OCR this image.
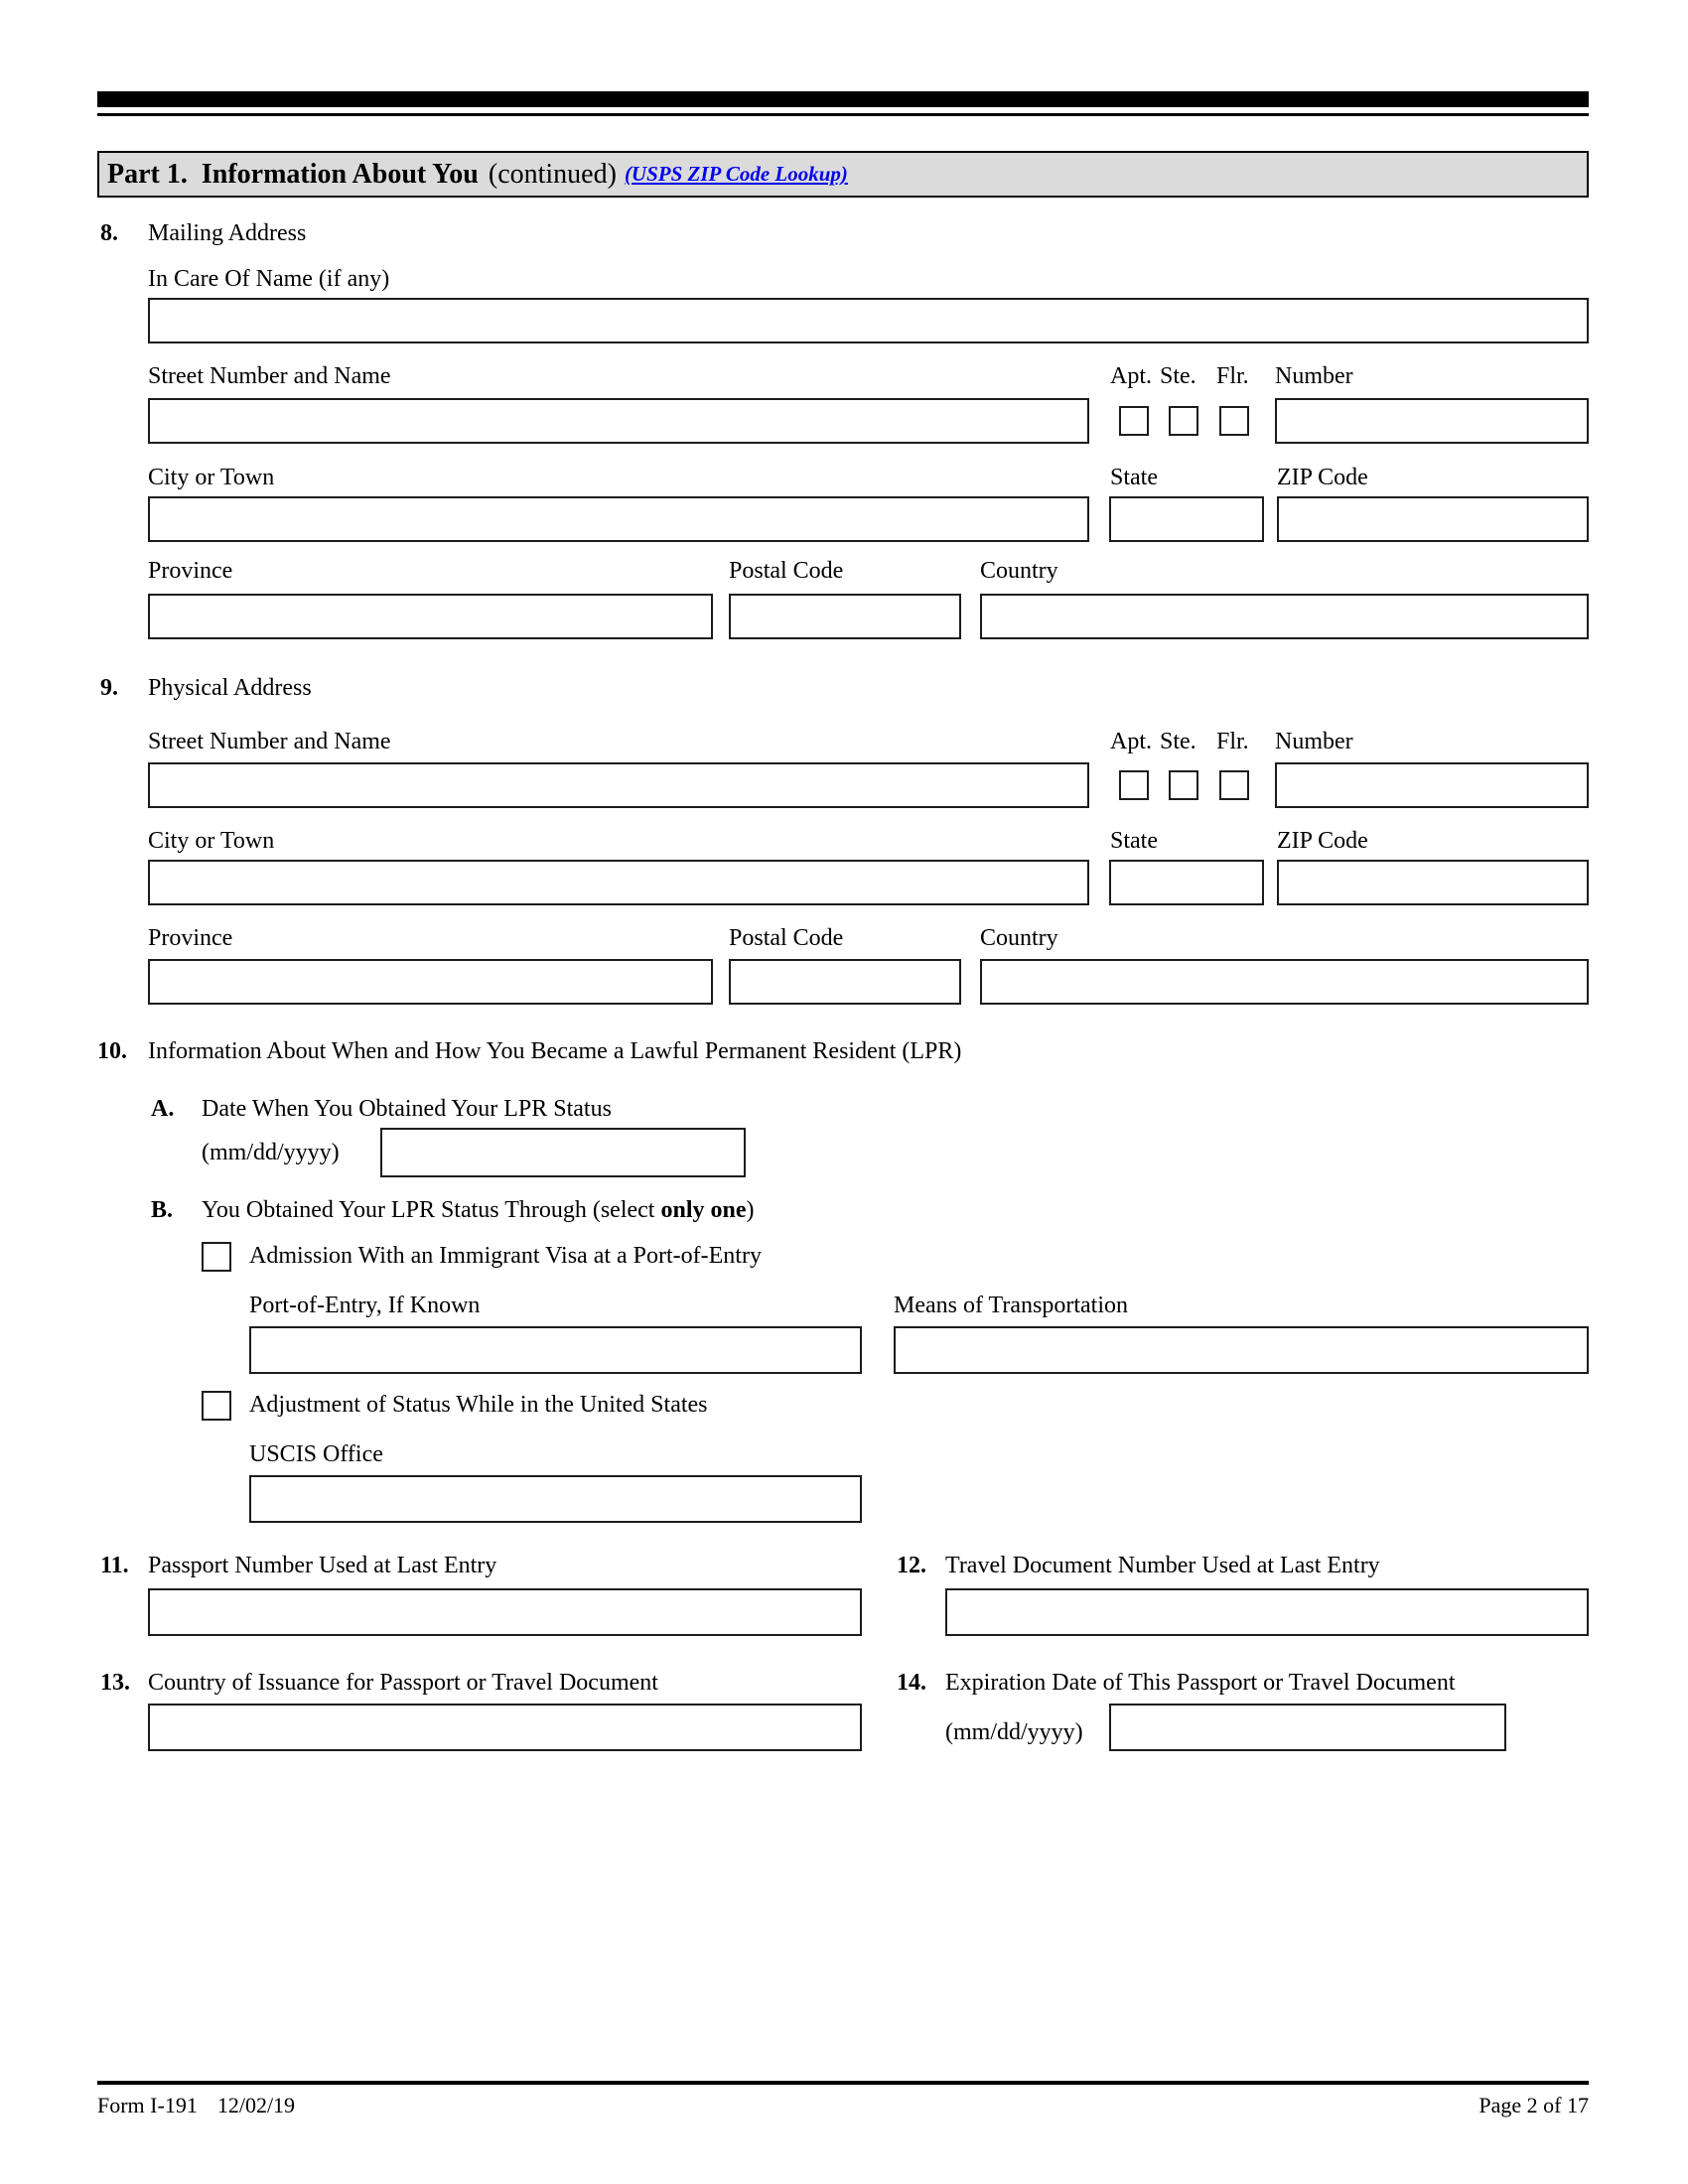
Part 1. Information About You (continued) (USPS ZIP Code Lookup)
8. Mailing Address
In Care Of Name (if any)
Street Number and Name	Apt. Ste. Flr. Number
City or Town	State	ZIP Code
Province	Postal Code	Country
9. Physical Address
Street Number and Name	Apt. Ste. Flr. Number
City or Town	State	ZIP Code
Province	Postal Code	Country
10. Information About When and How You Became a Lawful Permanent Resident (LPR)
A. Date When You Obtained Your LPR Status
(mm/dd/yyyy)
B. You Obtained Your LPR Status Through (select only one)
Admission With an Immigrant Visa at a Port-of-Entry
Port-of-Entry, If Known	Means of Transportation
Adjustment of Status While in the United States
USCIS Office
11. Passport Number Used at Last Entry	12. Travel Document Number Used at Last Entry
13. Country of Issuance for Passport or Travel Document	14. Expiration Date of This Passport or Travel Document
(mm/dd/yyyy)
Form I-191 12/02/19	Page 2 of 17
